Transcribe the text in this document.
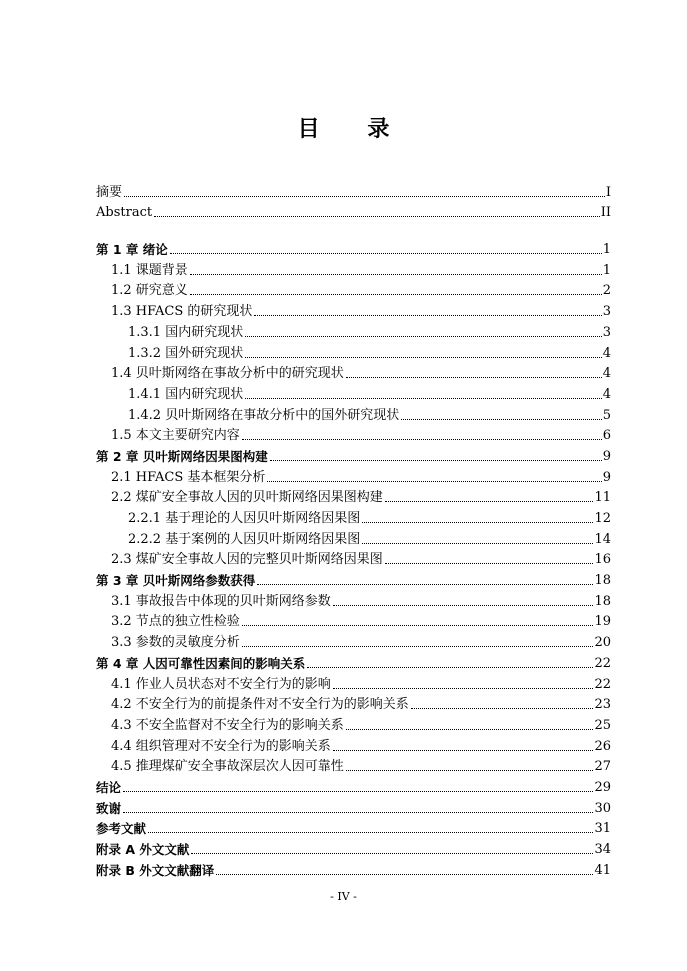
目 录
摘要	I
Abstract	II
第 1 章 绪论	1
1.1 课题背景	1
1.2 研究意义	2
1.3 HFACS 的研究现状	3
1.3.1 国内研究现状	3
1.3.2 国外研究现状	4
1.4 贝叶斯网络在事故分析中的研究现状	4
1.4.1 国内研究现状	4
1.4.2 贝叶斯网络在事故分析中的国外研究现状	5
1.5 本文主要研究内容	6
第 2 章 贝叶斯网络因果图构建	9
2.1 HFACS 基本框架分析	9
2.2 煤矿安全事故人因的贝叶斯网络因果图构建	11
2.2.1 基于理论的人因贝叶斯网络因果图	12
2.2.2 基于案例的人因贝叶斯网络因果图	14
2.3 煤矿安全事故人因的完整贝叶斯网络因果图	16
第 3 章 贝叶斯网络参数获得	18
3.1 事故报告中体现的贝叶斯网络参数	18
3.2 节点的独立性检验	19
3.3 参数的灵敏度分析	20
第 4 章 人因可靠性因素间的影响关系	22
4.1 作业人员状态对不安全行为的影响	22
4.2 不安全行为的前提条件对不安全行为的影响关系	23
4.3 不安全监督对不安全行为的影响关系	25
4.4 组织管理对不安全行为的影响关系	26
4.5 推理煤矿安全事故深层次人因可靠性	27
结论	29
致谢	30
参考文献	31
附录 A 外文文献	34
附录 B 外文文献翻译	41
- IV -
